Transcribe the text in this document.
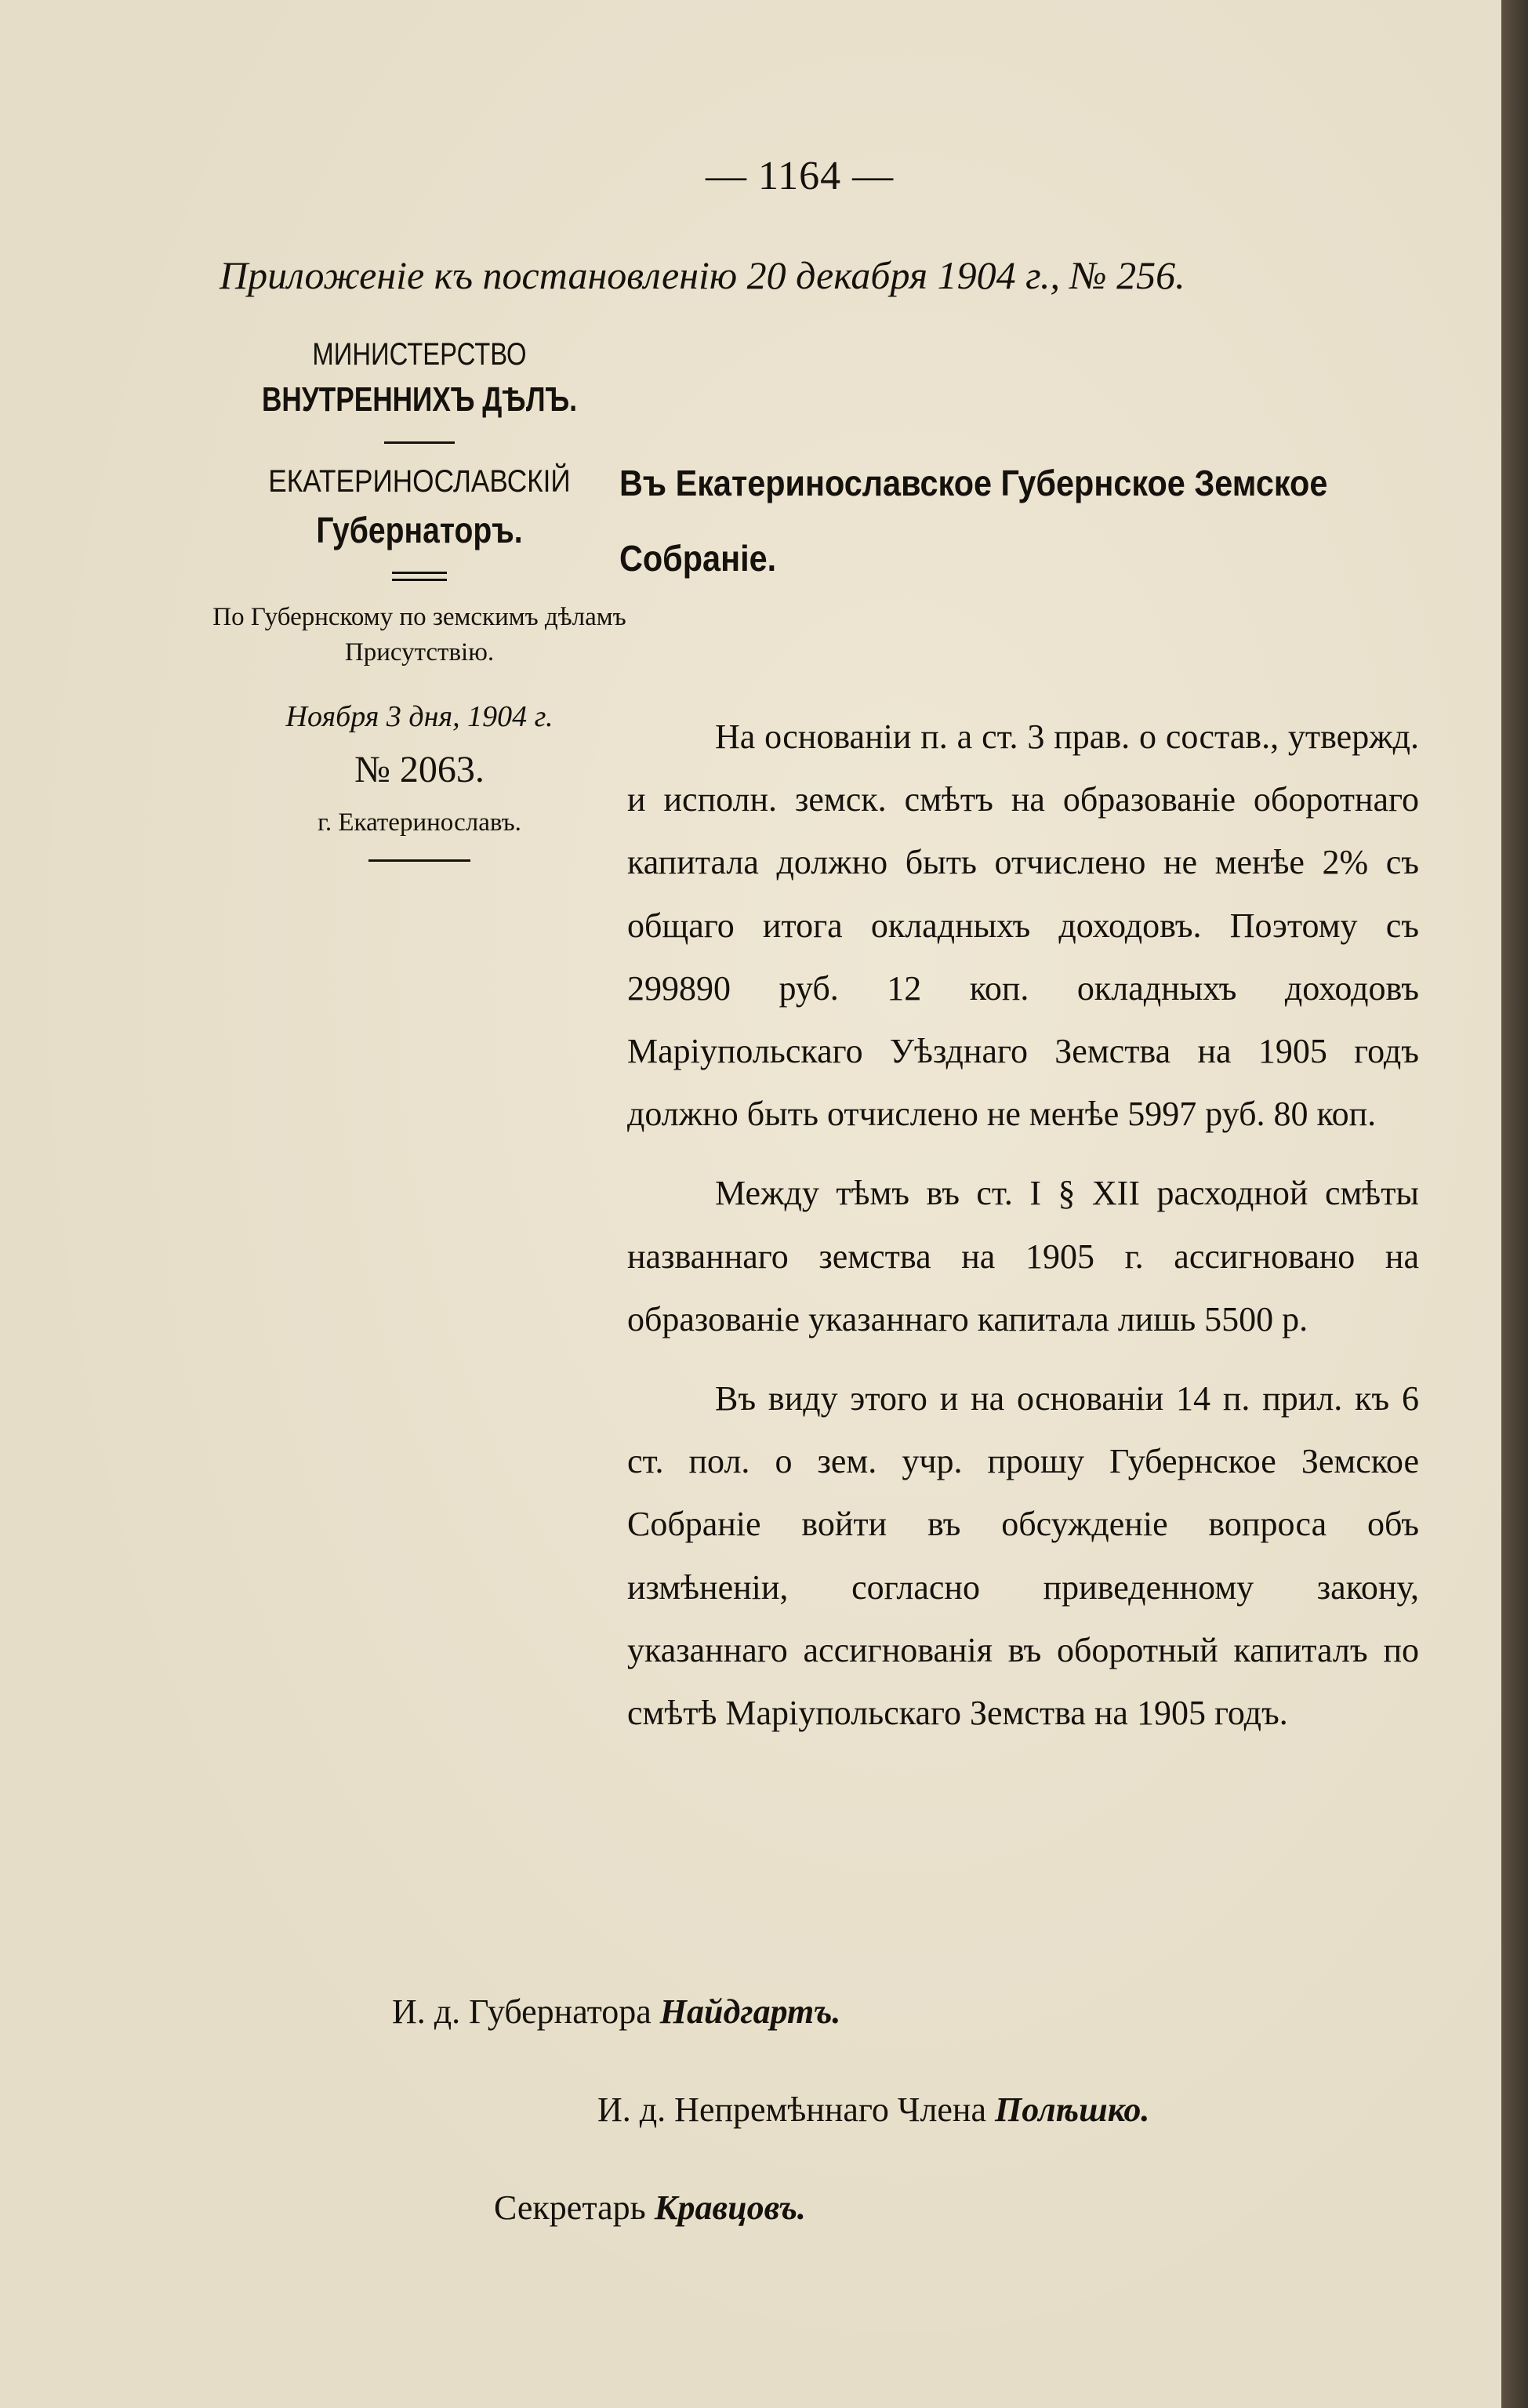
— 1164 —
Приложенiе къ постановленiю 20 декабря 1904 г., № 256.
МИНИСТЕРСТВО
ВНУТРЕННИХЪ ДѢЛЪ.
ЕКАТЕРИНОСЛАВСКIЙ
Губернаторъ.
По Губернскому по земскимъ дѣламъ Присутствiю.
Ноября 3 дня, 1904 г.
№ 2063.
г. Екатеринославъ.
Въ Екатеринославское Губернское Земское Собранiе.

На основанiи п. а ст. 3 прав. о состав., утвержд. и исполн. земск. смѣтъ на образованiе оборотнаго капитала должно быть отчислено не менѣе 2% съ общаго итога окладныхъ доходовъ. Поэтому съ 299890 руб. 12 коп. окладныхъ доходовъ Марiупольскаго Уѣзднаго Земства на 1905 годъ должно быть отчислено не менѣе 5997 руб. 80 коп.

Между тѣмъ въ ст. I § XII расходной смѣты названнаго земства на 1905 г. ассигновано на образованiе указаннаго капитала лишь 5500 р.

Въ виду этого и на основанiи 14 п. прил. къ 6 ст. пол. о зем. учр. прошу Губернское Земское Собранiе войти въ обсужденiе вопроса объ измѣненiи, согласно приведенному закону, указаннаго ассигнованiя въ оборотный капиталъ по смѣтѣ Марiупольскаго Земства на 1905 годъ.

И. д. Губернатора Найдгартъ.
И. д. Непремѣннаго Члена Полѣшко.
Секретарь Кравцовъ.
